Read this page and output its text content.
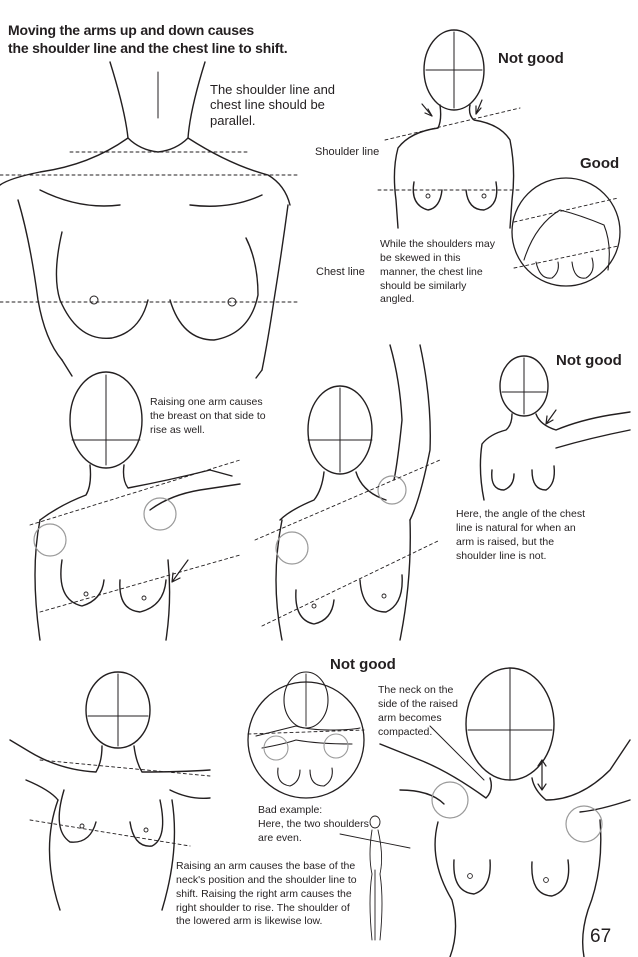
Moving the arms up and down causes
the shoulder line and the chest line to shift.
The shoulder line and
chest line should be
parallel.
Shoulder line
Chest line
Not good
Good
While the shoulders may
be skewed in this
manner, the chest line
should be similarly
angled.
Raising one arm causes
the breast on that side to
rise as well.
Not good
Here, the angle of the chest
line is natural for when an
arm is raised, but the
shoulder line is not.
Not good
Bad example:
Here, the two shoulders
are even.
The neck on the
side of the raised
arm becomes
compacted.
Raising an arm causes the base of the
neck's position and the shoulder line to
shift. Raising the right arm causes the
right shoulder to rise. The shoulder of
the lowered arm is likewise low.
67
